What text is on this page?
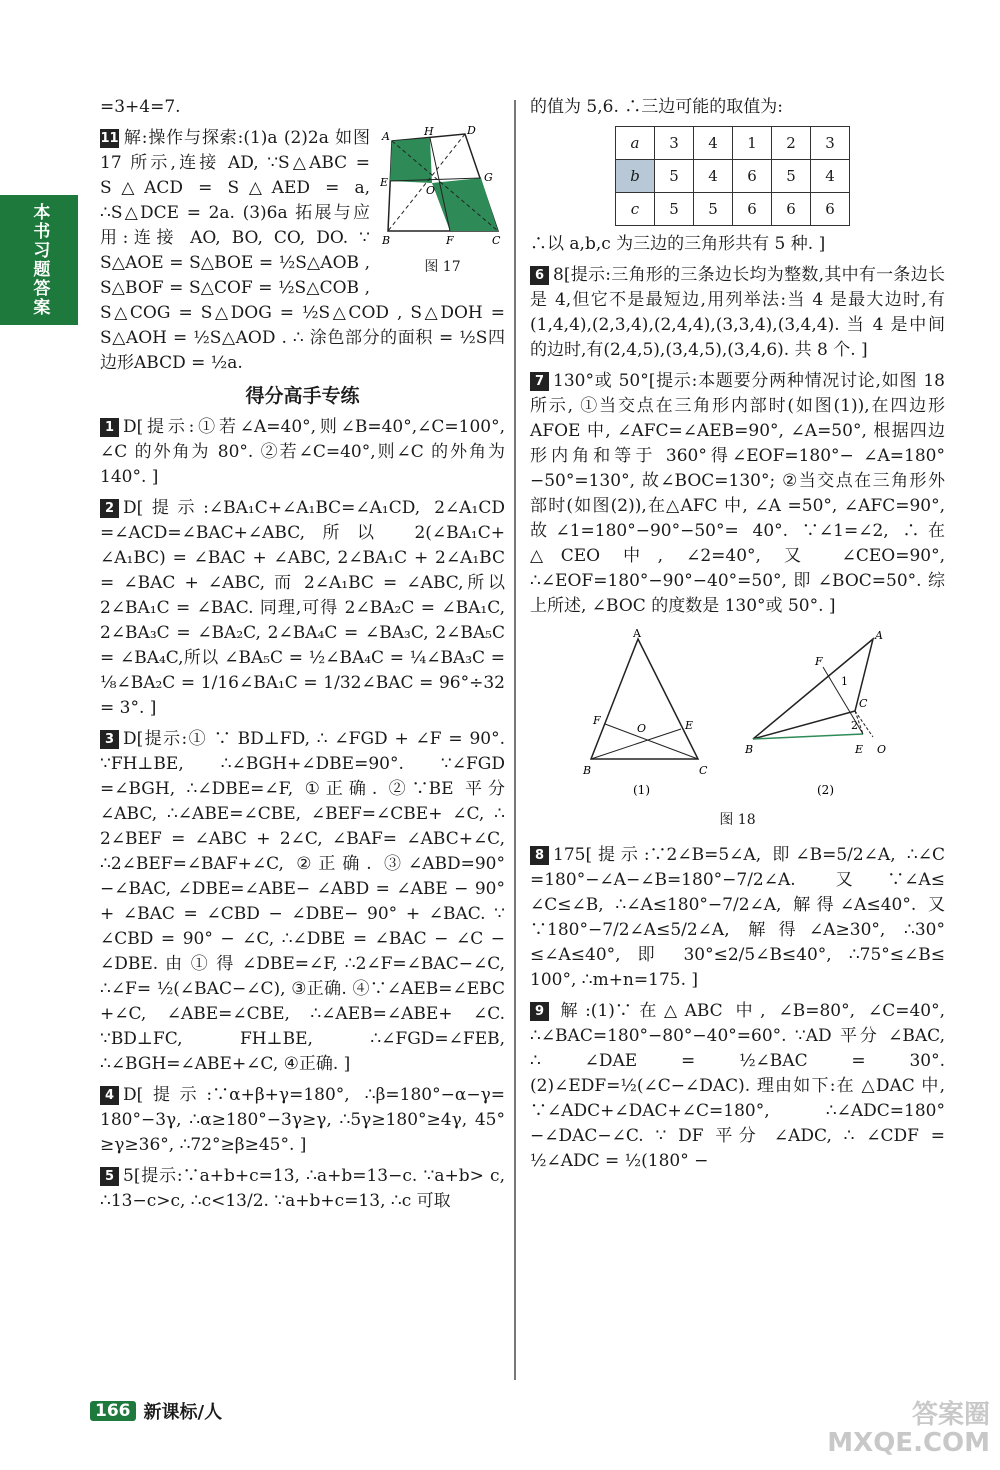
本书
习题
答案
=3+4=7.
A	H	D
E
O
G
B	F	C
图 17
11 解:操作与探索:(1)a (2)2a 如图 17 所示,连接 AD, ∵S△ABC = S△ACD = S△AED = a, ∴S△DCE = 2a. (3)6a 拓展与应用:连接 AO, BO, CO, DO. ∵ S△AOE = S△BOE = ½S△AOB , S△BOF = S△COF = ½S△COB , S△COG = S△DOG = ½S△COD , S△DOH = S△AOH = ½S△AOD . ∴ 涂色部分的面积 = ½S四边形ABCD = ½a.
得分高手专练
1 D[提示:①若∠A=40°,则∠B=40°,∠C=100°, ∠C 的外角为 80°. ②若∠C=40°,则∠C 的外角为 140°. ]
2 D[提示:∠BA₁C+∠A₁BC=∠A₁CD, 2∠A₁CD =∠ACD=∠BAC+∠ABC,所以 2(∠BA₁C+ ∠A₁BC) = ∠BAC + ∠ABC, 2∠BA₁C + 2∠A₁BC = ∠BAC + ∠ABC, 而 2∠A₁BC = ∠ABC,所以 2∠BA₁C = ∠BAC. 同理,可得 2∠BA₂C = ∠BA₁C, 2∠BA₃C = ∠BA₂C, 2∠BA₄C = ∠BA₃C, 2∠BA₅C = ∠BA₄C,所以 ∠BA₅C = ½∠BA₄C = ¼∠BA₃C = ⅛∠BA₂C = 1/16∠BA₁C = 1/32∠BAC = 96°÷32 = 3°. ]
3 D[提示:① ∵ BD⊥FD, ∴ ∠FGD + ∠F = 90°. ∵FH⊥BE, ∴∠BGH+∠DBE=90°. ∵∠FGD =∠BGH, ∴∠DBE=∠F, ①正确. ②∵BE 平分 ∠ABC, ∴∠ABE=∠CBE, ∠BEF=∠CBE+ ∠C, ∴ 2∠BEF = ∠ABC + 2∠C, ∠BAF= ∠ABC+∠C, ∴2∠BEF=∠BAF+∠C, ②正确. ③∠ABD=90°−∠BAC, ∠DBE=∠ABE− ∠ABD = ∠ABE − 90° + ∠BAC = ∠CBD − ∠DBE− 90° + ∠BAC. ∵ ∠CBD = 90° − ∠C, ∴∠DBE = ∠BAC − ∠C − ∠DBE. 由 ① 得 ∠DBE=∠F, ∴2∠F=∠BAC−∠C, ∴∠F= ½(∠BAC−∠C), ③正确. ④∵∠AEB=∠EBC +∠C, ∠ABE=∠CBE, ∴∠AEB=∠ABE+ ∠C. ∵BD⊥FC, FH⊥BE, ∴∠FGD=∠FEB, ∴∠BGH=∠ABE+∠C, ④正确. ]
4 D[提示:∵α+β+γ=180°, ∴β=180°−α−γ= 180°−3γ, ∴α≥180°−3γ≥γ, ∴5γ≥180°≥4γ, 45° ≥γ≥36°, ∴72°≥β≥45°. ]
5 5[提示:∵a+b+c=13, ∴a+b=13−c. ∵a+b> c, ∴13−c>c, ∴c<13/2. ∵a+b+c=13, ∴c 可取
的值为 5,6. ∴三边可能的取值为:
a	3	4	1	2	3
b	5	4	6	5	4
c	5	5	6	6	6
∴以 a,b,c 为三边的三角形共有 5 种. ]
6 8[提示:三角形的三条边长均为整数,其中有一条边长是 4,但它不是最短边,用列举法:当 4 是最大边时,有(1,4,4),(2,3,4),(2,4,4),(3,3,4),(3,4,4). 当 4 是中间的边时,有(2,4,5),(3,4,5),(3,4,6). 共 8 个. ]
7 130°或 50°[提示:本题要分两种情况讨论,如图 18 所示, ①当交点在三角形内部时(如图(1)),在四边形 AFOE 中, ∠AFC=∠AEB=90°, ∠A=50°, 根据四边形内角和等于 360°得∠EOF=180°− ∠A=180°−50°=130°, 故∠BOC=130°; ②当交点在三角形外部时(如图(2)),在△AFC 中, ∠A =50°, ∠AFC=90°, 故∠1=180°−90°−50°= 40°. ∵∠1=∠2, ∴在△CEO 中, ∠2=40°, 又 ∠CEO=90°, ∴∠EOF=180°−90°−40°=50°, 即 ∠BOC=50°. 综上所述, ∠BOC 的度数是 130°或 50°. ]
A
F
O	E
B	C
(1)
A
F
1
C
B
2
E O
(2)
图 18
8 175[提示:∵2∠B=5∠A, 即∠B=5/2∠A, ∴∠C =180°−∠A−∠B=180°−7/2∠A. 又∵∠A≤ ∠C≤∠B, ∴∠A≤180°−7/2∠A, 解得∠A≤40°. 又∵180°−7/2∠A≤5/2∠A, 解得∠A≥30°, ∴30° ≤∠A≤40°, 即 30°≤2/5∠B≤40°, ∴75°≤∠B≤ 100°, ∴m+n=175. ]
9 解:(1)∵在△ABC 中, ∠B=80°, ∠C=40°, ∴∠BAC=180°−80°−40°=60°. ∵AD 平分 ∠BAC, ∴ ∠DAE = ½∠BAC = 30°. (2)∠EDF=½(∠C−∠DAC). 理由如下:在 △DAC 中, ∵∠ADC+∠DAC+∠C=180°, ∴∠ADC=180°−∠DAC−∠C. ∵ DF 平分 ∠ADC, ∴ ∠CDF = ½∠ADC = ½(180° −
166 新课标/人	答案圈
MXQE.COM
